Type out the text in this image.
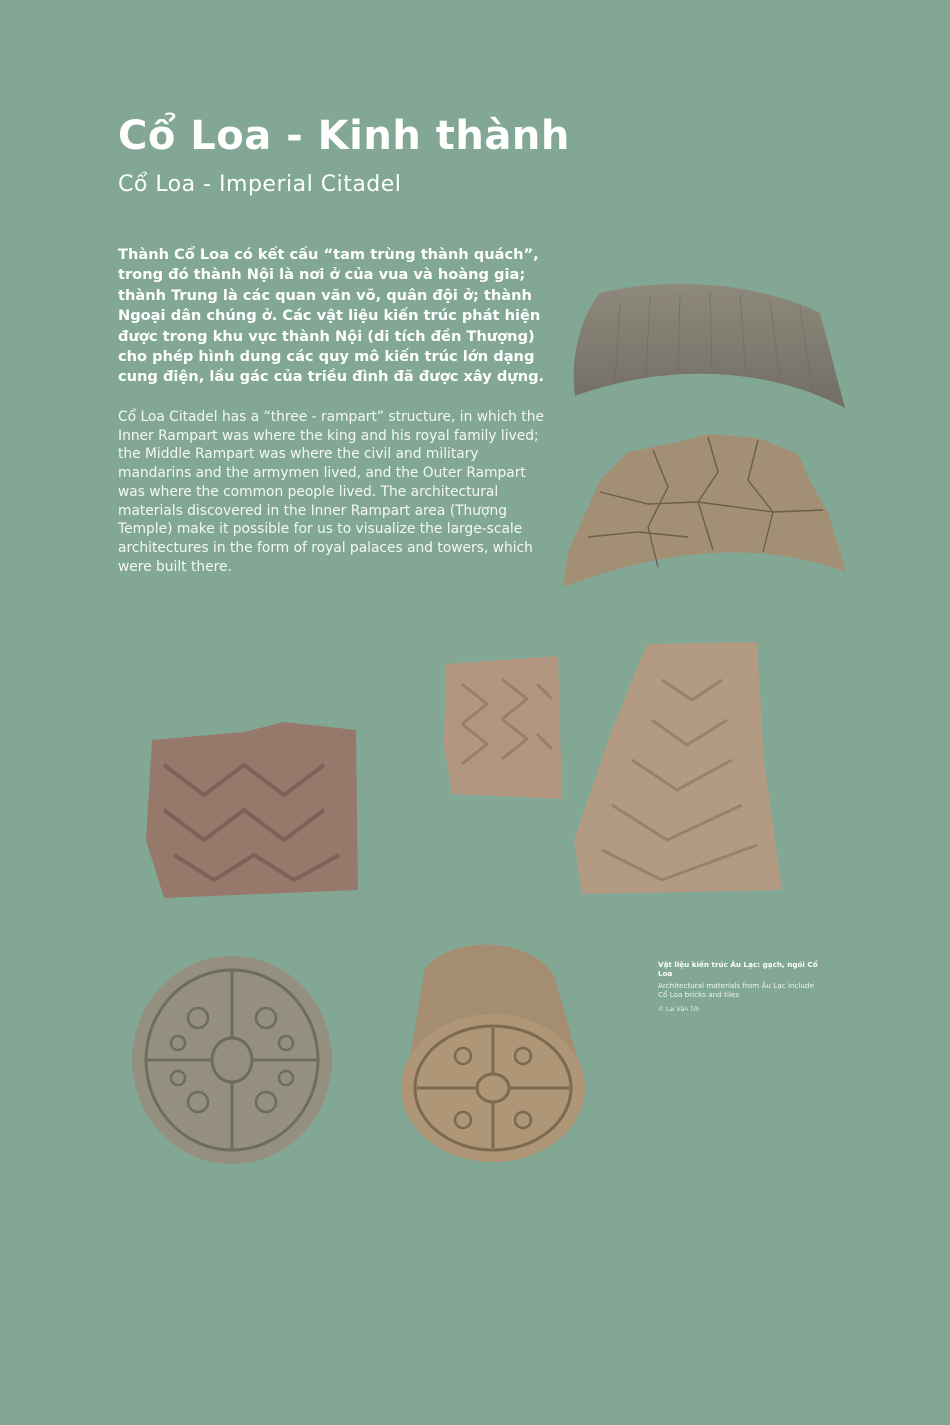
Cổ Loa - Kinh thành
Cổ Loa - Imperial Citadel

Thành Cổ Loa có kết cấu “tam trùng thành quách”, trong đó thành Nội là nơi ở của vua và hoàng gia; thành Trung là các quan văn võ, quân đội ở; thành Ngoại dân chúng ở. Các vật liệu kiến trúc phát hiện được trong khu vực thành Nội (di tích đền Thượng) cho phép hình dung các quy mô kiến trúc lớn dạng cung điện, lầu gác của triều đình đã được xây dựng.

Cổ Loa Citadel has a “three - rampart” structure, in which the Inner Rampart was where the king and his royal family lived; the Middle Rampart was where the civil and military mandarins and the armymen lived, and the Outer Rampart was where the common people lived. The architectural materials discovered in the Inner Rampart area (Thượng Temple) make it possible for us to visualize the large-scale architectures in the form of royal palaces and towers, which were built there.

Vật liệu kiến trúc Âu Lạc: gạch, ngói Cổ Loa

Architectural materials from Âu Lạc include Cổ Loa bricks and tiles

© Lại Văn Tới
